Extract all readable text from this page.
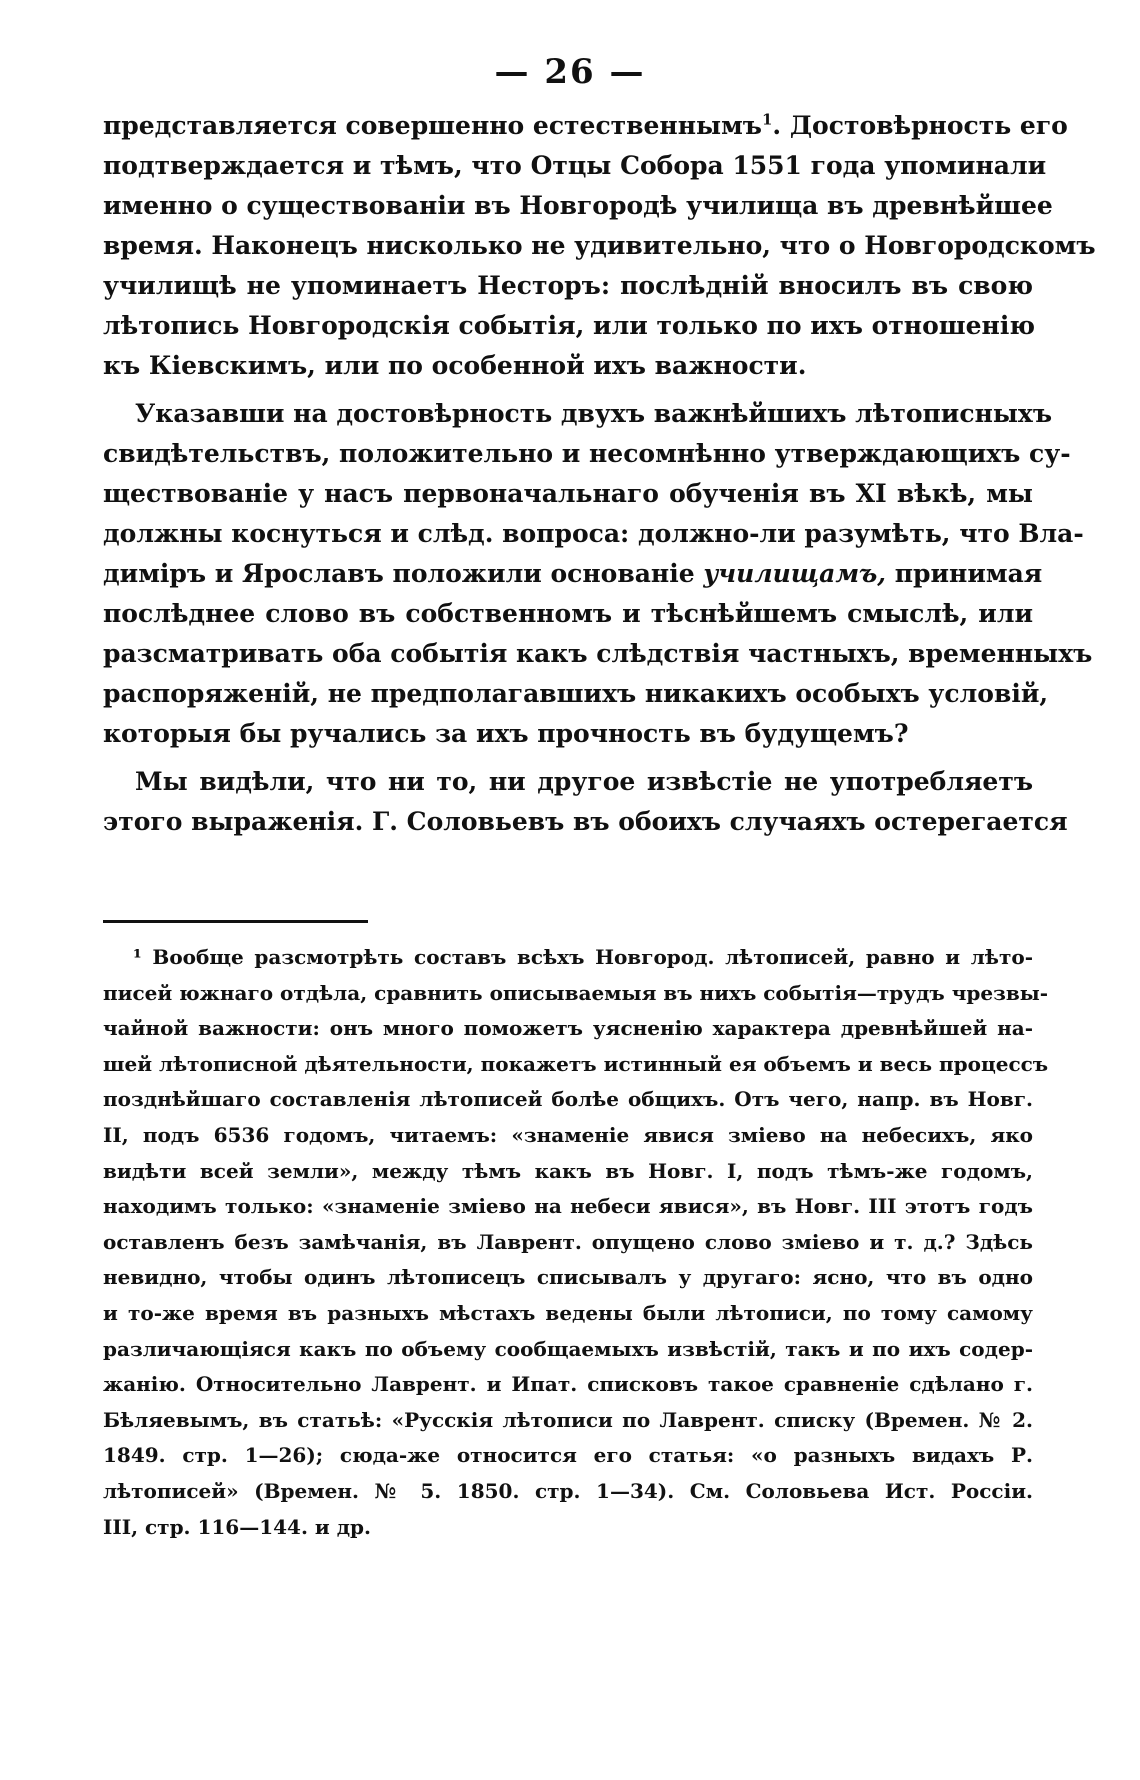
— 26 —
представляется совершенно естественнымъ$^1$. Достовѣрность его
подтверждается и тѣмъ, что Отцы Собора 1551 года упоминали
именно о существованіи въ Новгородѣ училища въ древнѣйшее
время. Наконецъ нисколько не удивительно, что о Новгородскомъ
училищѣ не упоминаетъ Несторъ: послѣдній вносилъ въ свою
лѣтопись Новгородскія событія, или только по ихъ отношенію
къ Кіевскимъ, или по особенной ихъ важности.
Указавши на достовѣрность двухъ важнѣйшихъ лѣтописныхъ
свидѣтельствъ, положительно и несомнѣнно утверждающихъ су-
ществованіе у насъ первоначальнаго обученія въ XI вѣкѣ, мы
должны коснуться и слѣд. вопроса: должно-ли разумѣть, что Вла-
диміръ и Ярославъ положили основаніе училищамъ, принимая
послѣднее слово въ собственномъ и тѣснѣйшемъ смыслѣ, или
разсматривать оба событія какъ слѣдствія частныхъ, временныхъ
распоряженій, не предполагавшихъ никакихъ особыхъ условій,
которыя бы ручались за ихъ прочность въ будущемъ?
Мы видѣли, что ни то, ни другое извѣстіе не употребляетъ
этого выраженія. Г. Соловьевъ въ обоихъ случаяхъ остерегается
¹ Вообще разсмотрѣть составъ всѣхъ Новгород. лѣтописей, равно и лѣто-
писей южнаго отдѣла, сравнить описываемыя въ нихъ событія—трудъ чрезвы-
чайной важности: онъ много поможетъ уясненію характера древнѣйшей на-
шей лѣтописной дѣятельности, покажетъ истинный ея объемъ и весь процессъ
позднѣйшаго составленія лѣтописей болѣе общихъ. Отъ чего, напр. въ Новг.
II, подъ 6536 годомъ, читаемъ: «знаменіе явися зміево на небесихъ, яко
видѣти всей земли», между тѣмъ какъ въ Новг. I, подъ тѣмъ-же годомъ,
находимъ только: «знаменіе зміево на небеси явися», въ Новг. III этотъ годъ
оставленъ безъ замѣчанія, въ Лаврент. опущено слово зміево и т. д.? Здѣсь
невидно, чтобы одинъ лѣтописецъ списывалъ у другаго: ясно, что въ одно
и то-же время въ разныхъ мѣстахъ ведены были лѣтописи, по тому самому
различающіяся какъ по объему сообщаемыхъ извѣстій, такъ и по ихъ содер-
жанію. Относительно Лаврент. и Ипат. списковъ такое сравненіе сдѣлано г.
Бѣляевымъ, въ статьѣ: «Русскія лѣтописи по Лаврент. списку (Времен. № 2.
1849. стр. 1—26); сюда-же относится его статья: «о разныхъ видахъ Р.
лѣтописей» (Времен. № 5. 1850. стр. 1—34). См. Соловьева Ист. Россіи.
III, стр. 116—144. и др.
